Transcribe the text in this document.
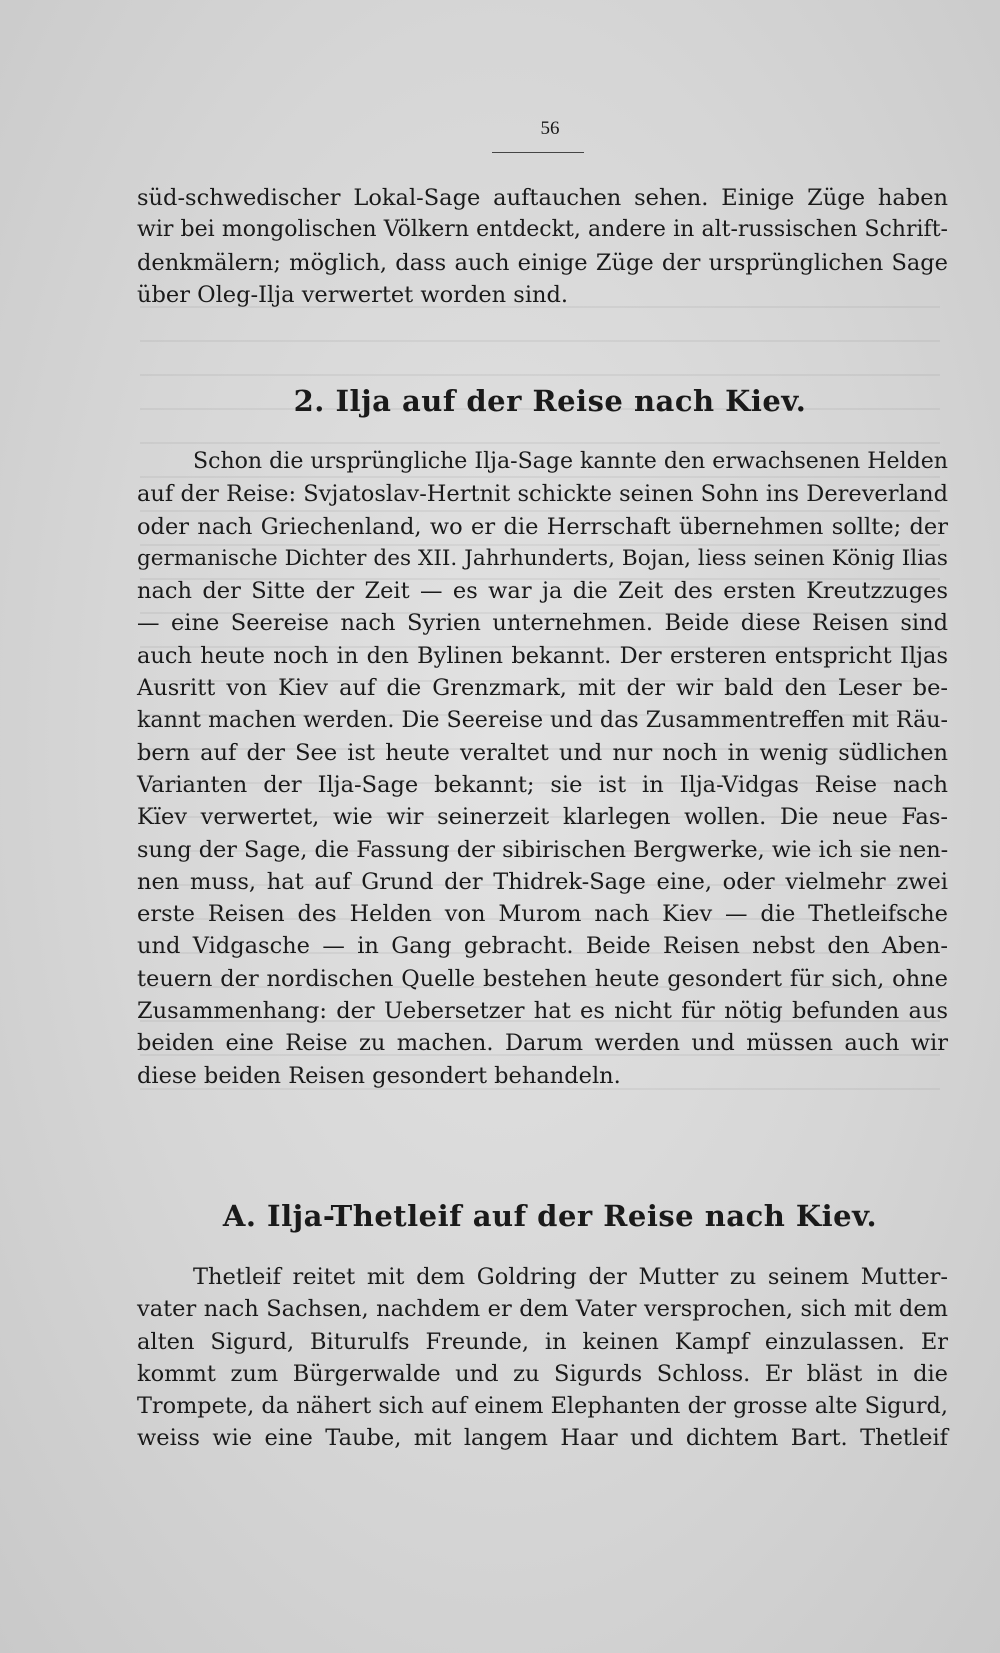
56
süd-schwedischer Lokal-Sage auftauchen sehen. Einige Züge haben
wir bei mongolischen Völkern entdeckt, andere in alt-russischen Schrift-
denkmälern; möglich, dass auch einige Züge der ursprünglichen Sage
über Oleg-Ilja verwertet worden sind.
2. Ilja auf der Reise nach Kiev.
Schon die ursprüngliche Ilja-Sage kannte den erwachsenen Helden
auf der Reise: Svjatoslav-Hertnit schickte seinen Sohn ins Dereverland
oder nach Griechenland, wo er die Herrschaft übernehmen sollte; der
germanische Dichter des XII. Jahrhunderts, Bojan, liess seinen König Ilias
nach der Sitte der Zeit — es war ja die Zeit des ersten Kreutzzuges
— eine Seereise nach Syrien unternehmen. Beide diese Reisen sind
auch heute noch in den Bylinen bekannt. Der ersteren entspricht Iljas
Ausritt von Kiev auf die Grenzmark, mit der wir bald den Leser be-
kannt machen werden. Die Seereise und das Zusammentreffen mit Räu-
bern auf der See ist heute veraltet und nur noch in wenig südlichen
Varianten der Ilja-Sage bekannt; sie ist in Ilja-Vidgas Reise nach
Kïev verwertet, wie wir seinerzeit klarlegen wollen. Die neue Fas-
sung der Sage, die Fassung der sibirischen Bergwerke, wie ich sie nen-
nen muss, hat auf Grund der Thidrek-Sage eine, oder vielmehr zwei
erste Reisen des Helden von Murom nach Kiev — die Thetleifsche
und Vidgasche — in Gang gebracht. Beide Reisen nebst den Aben-
teuern der nordischen Quelle bestehen heute gesondert für sich, ohne
Zusammenhang: der Uebersetzer hat es nicht für nötig befunden aus
beiden eine Reise zu machen. Darum werden und müssen auch wir
diese beiden Reisen gesondert behandeln.
A. Ilja-Thetleif auf der Reise nach Kiev.
Thetleif reitet mit dem Goldring der Mutter zu seinem Mutter-
vater nach Sachsen, nachdem er dem Vater versprochen, sich mit dem
alten Sigurd, Biturulfs Freunde, in keinen Kampf einzulassen. Er
kommt zum Bürgerwalde und zu Sigurds Schloss. Er bläst in die
Trompete, da nähert sich auf einem Elephanten der grosse alte Sigurd,
weiss wie eine Taube, mit langem Haar und dichtem Bart. Thetleif
